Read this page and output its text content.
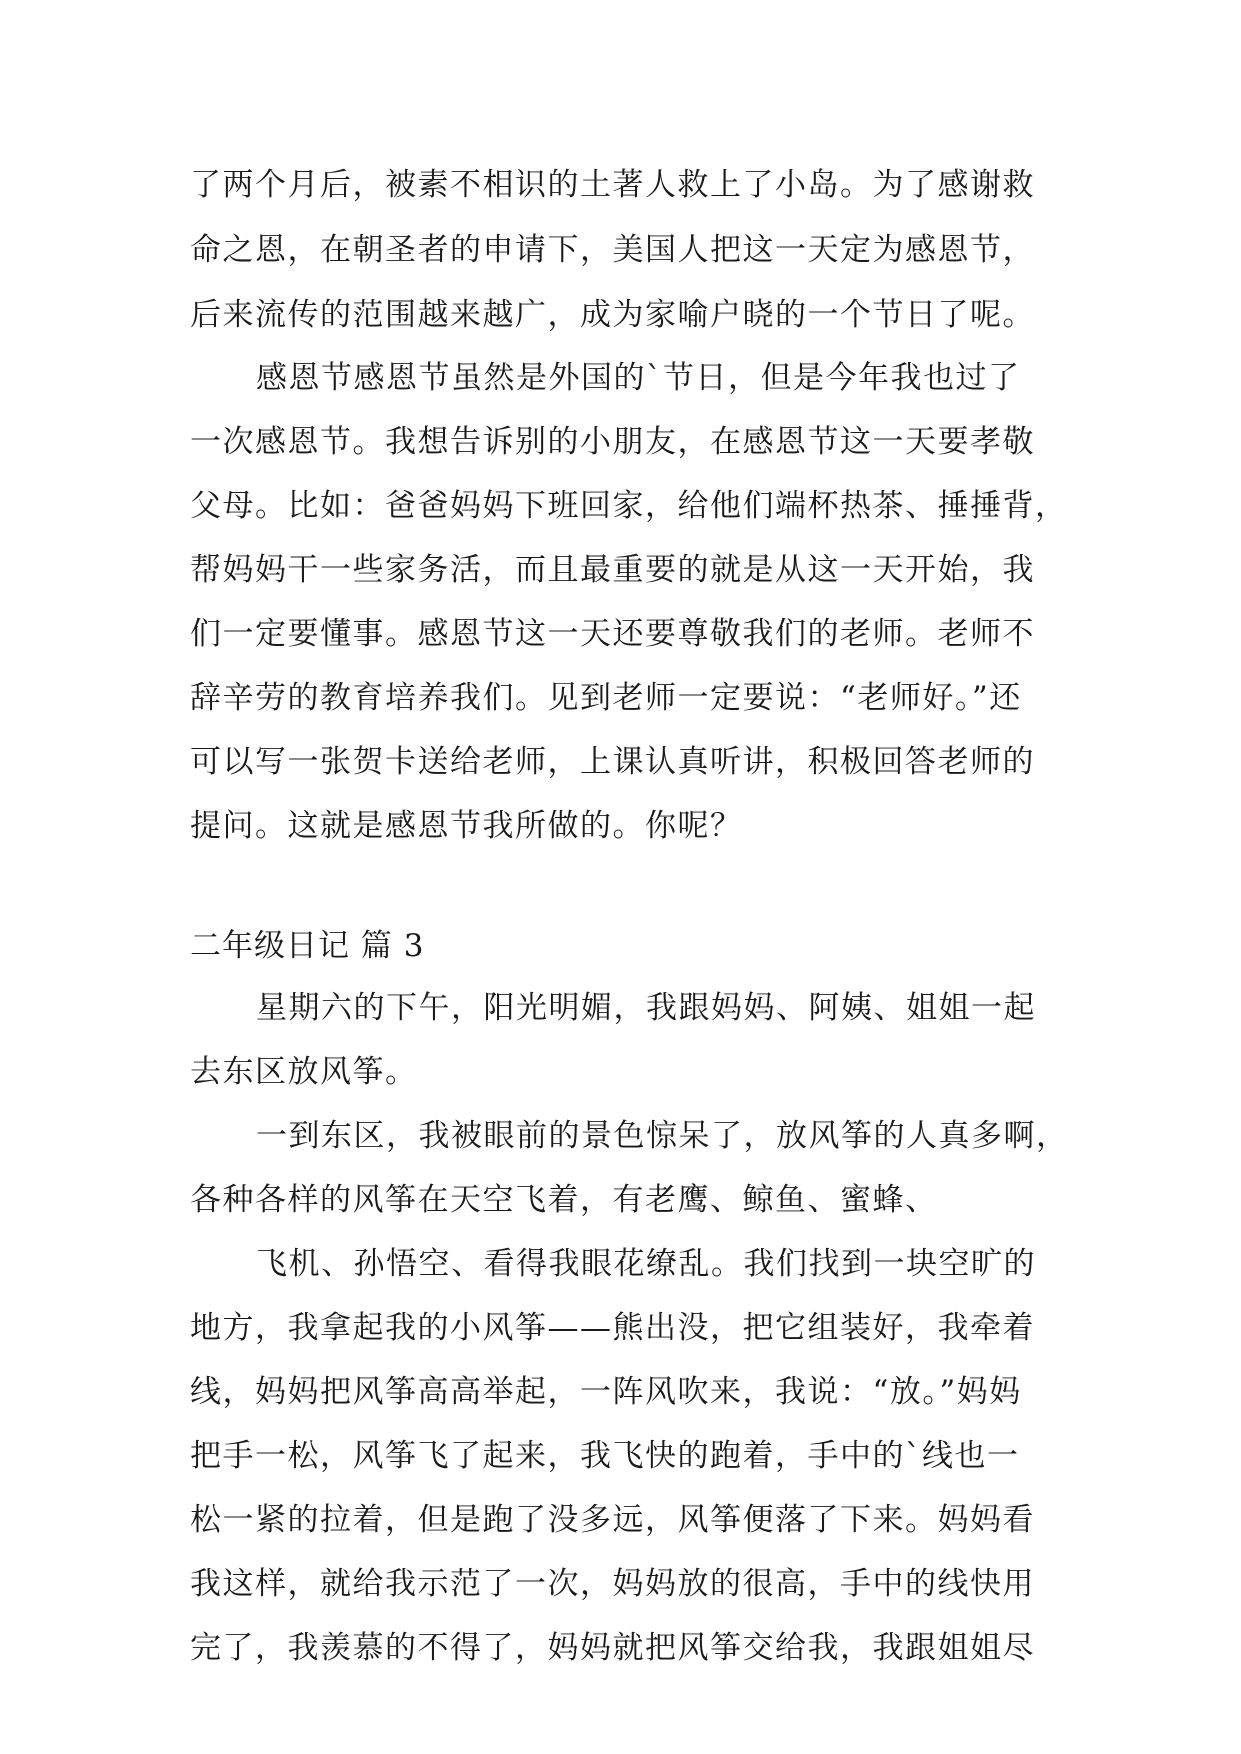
了两个月后，被素不相识的土著人救上了小岛。为了感谢救
命之恩，在朝圣者的申请下，美国人把这一天定为感恩节，
后来流传的范围越来越广，成为家喻户晓的一个节日了呢。
感恩节感恩节虽然是外国的`节日，但是今年我也过了
一次感恩节。我想告诉别的小朋友，在感恩节这一天要孝敬
父母。比如：爸爸妈妈下班回家，给他们端杯热茶、捶捶背，
帮妈妈干一些家务活，而且最重要的就是从这一天开始，我
们一定要懂事。感恩节这一天还要尊敬我们的老师。老师不
辞辛劳的教育培养我们。见到老师一定要说：“老师好。”还
可以写一张贺卡送给老师，上课认真听讲，积极回答老师的
提问。这就是感恩节我所做的。你呢？
二年级日记 篇 3
星期六的下午，阳光明媚，我跟妈妈、阿姨、姐姐一起
去东区放风筝。
一到东区，我被眼前的景色惊呆了，放风筝的人真多啊，
各种各样的风筝在天空飞着，有老鹰、鲸鱼、蜜蜂、
飞机、孙悟空、看得我眼花缭乱。我们找到一块空旷的
地方，我拿起我的小风筝——熊出没，把它组装好，我牵着
线，妈妈把风筝高高举起，一阵风吹来，我说：“放。”妈妈
把手一松，风筝飞了起来，我飞快的跑着，手中的`线也一
松一紧的拉着，但是跑了没多远，风筝便落了下来。妈妈看
我这样，就给我示范了一次，妈妈放的很高，手中的线快用
完了，我羡慕的不得了，妈妈就把风筝交给我，我跟姐姐尽
